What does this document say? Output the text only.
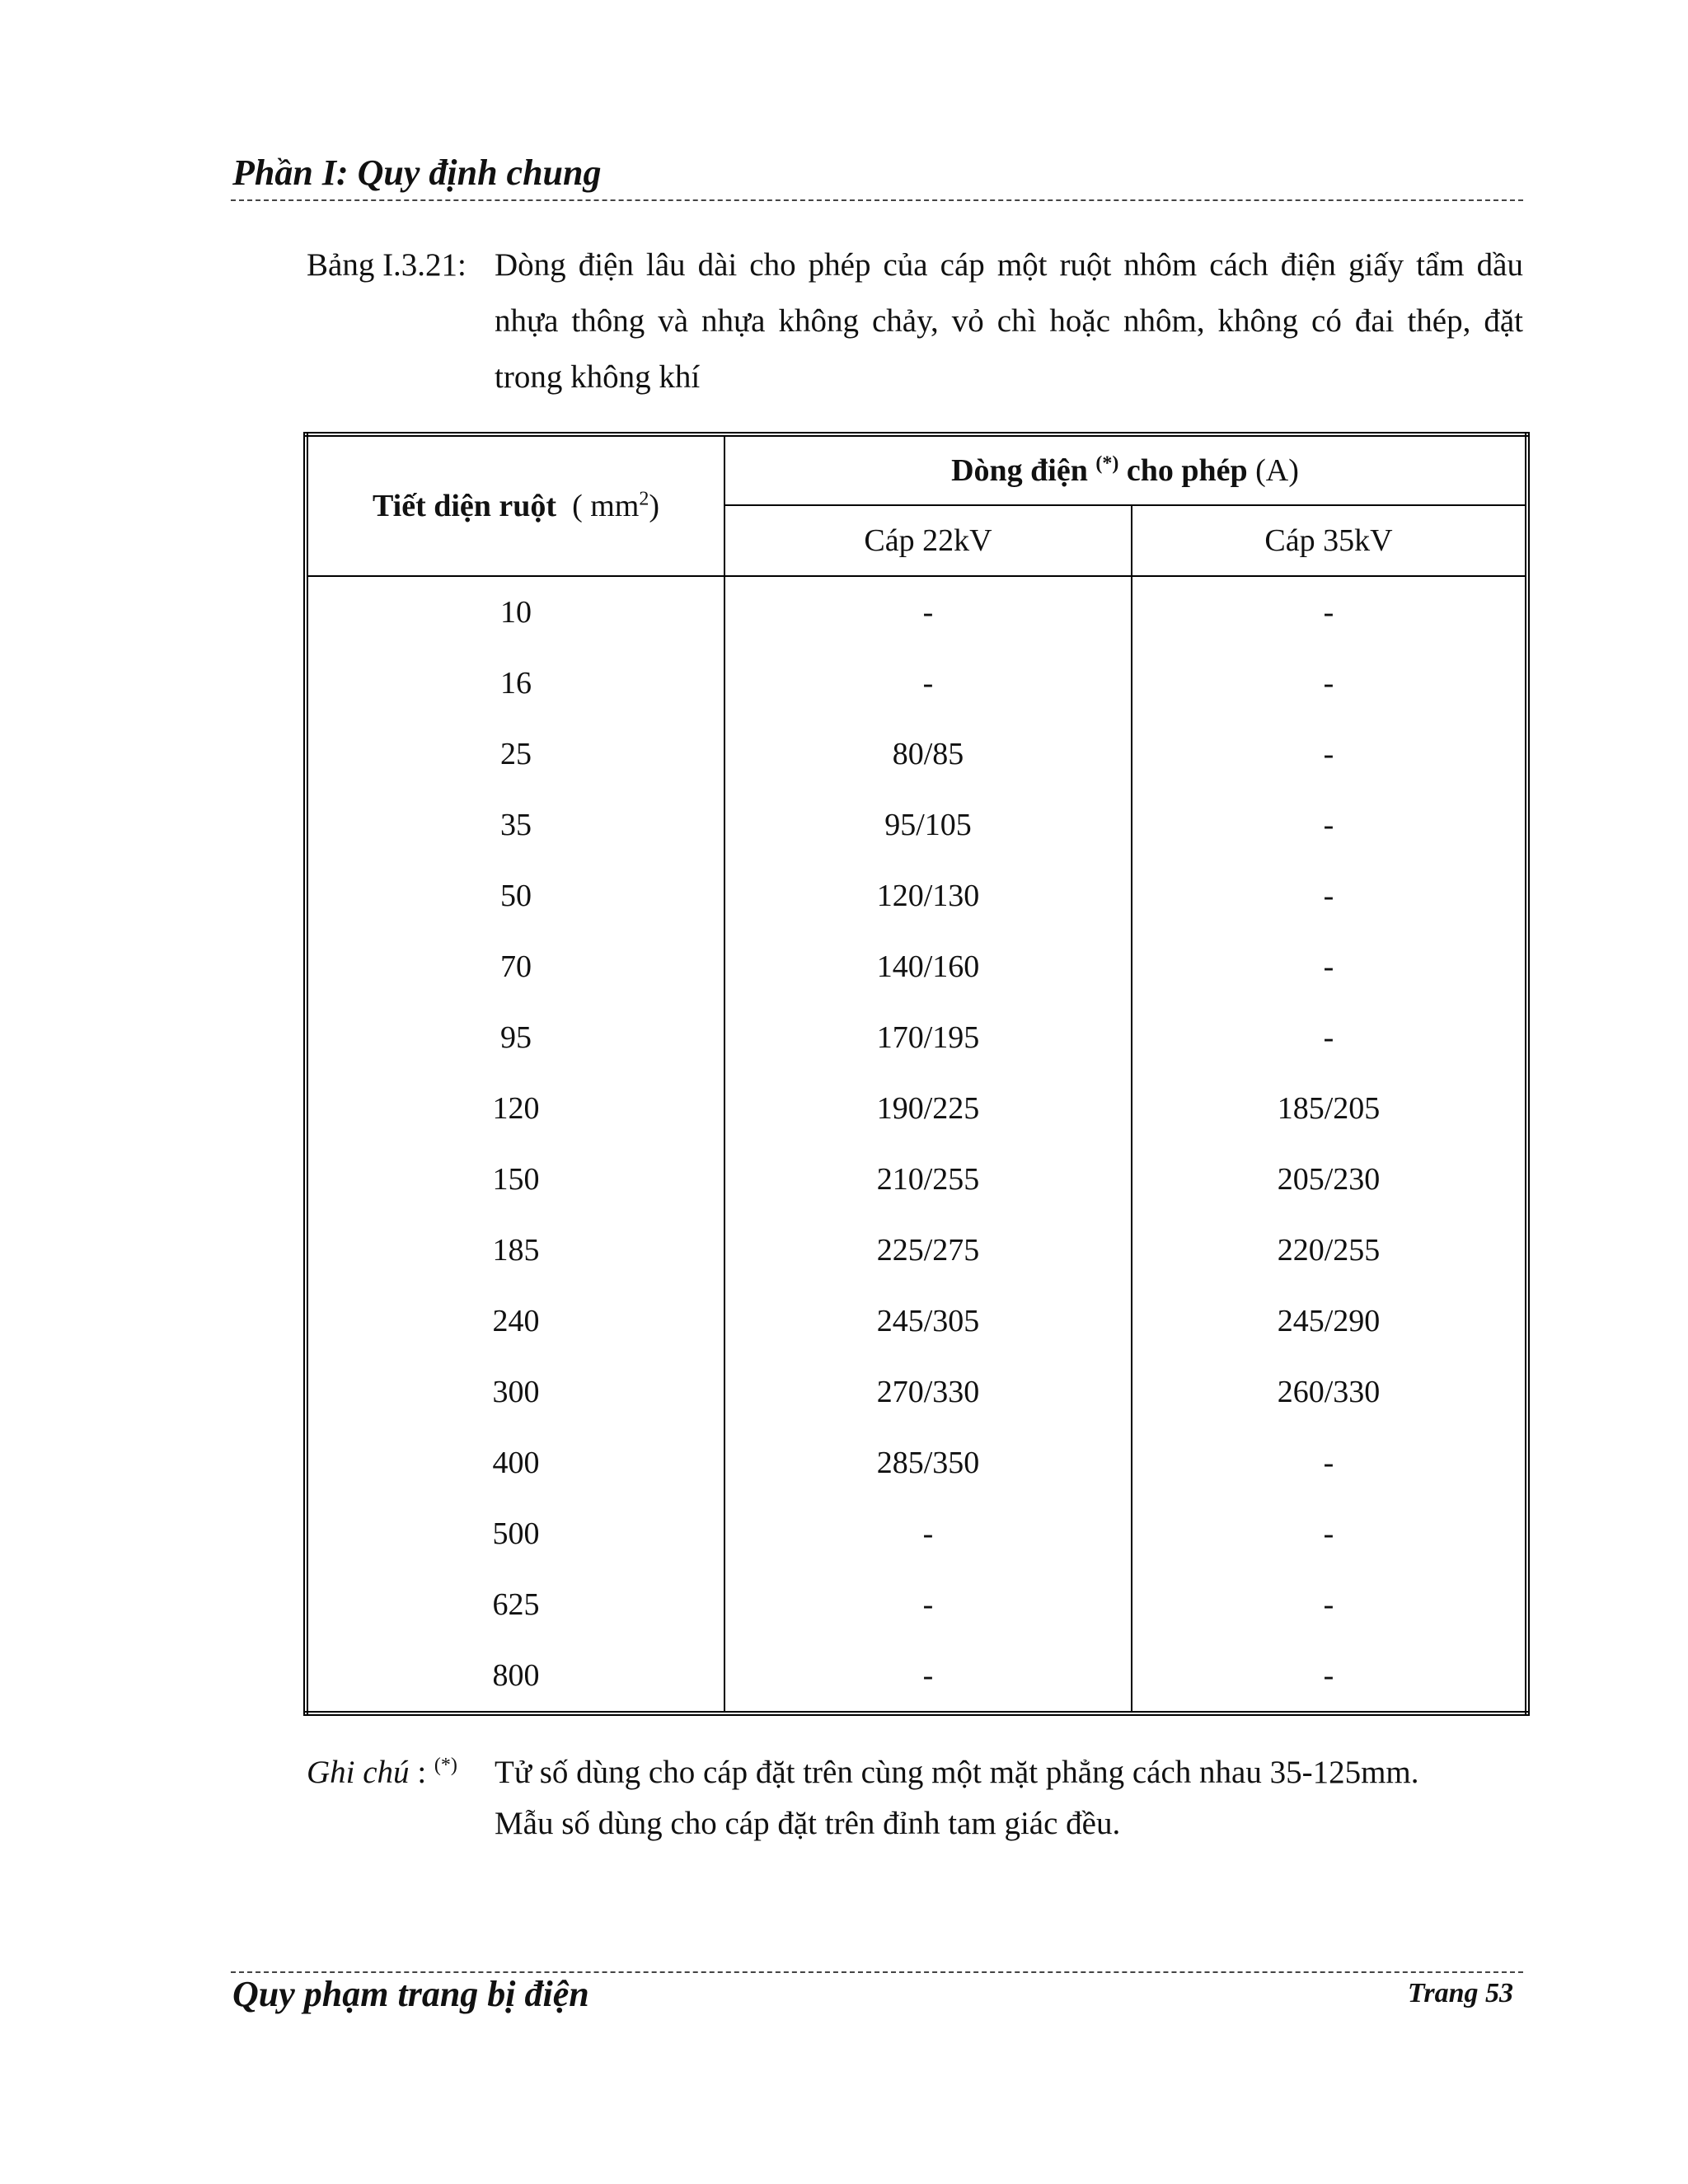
Phần I: Quy định chung
Bảng I.3.21: Dòng điện lâu dài cho phép của cáp một ruột nhôm cách điện giấy tẩm dầu nhựa thông và nhựa không chảy, vỏ chì hoặc nhôm, không có đai thép, đặt trong không khí
Tiết diện ruột ( $mm^2$)	Dòng điện (*) cho phép (A)	
	Cáp 22kV	Cáp 35kV
10	-	-
16	-	-
25	80/85	-
35	95/105	-
50	120/130	-
70	140/160	-
95	170/195	-
120	190/225	185/205
150	210/255	205/230
185	225/275	220/255
240	245/305	245/290
300	270/330	260/330
400	285/350	-
500	-	-
625	-	-
800	-	-
Ghi chú : (*) Tử số dùng cho cáp đặt trên cùng một mặt phẳng cách nhau 35-125mm.
Mẫu số dùng cho cáp đặt trên đỉnh tam giác đều.
Quy phạm trang bị điện	Trang 53
